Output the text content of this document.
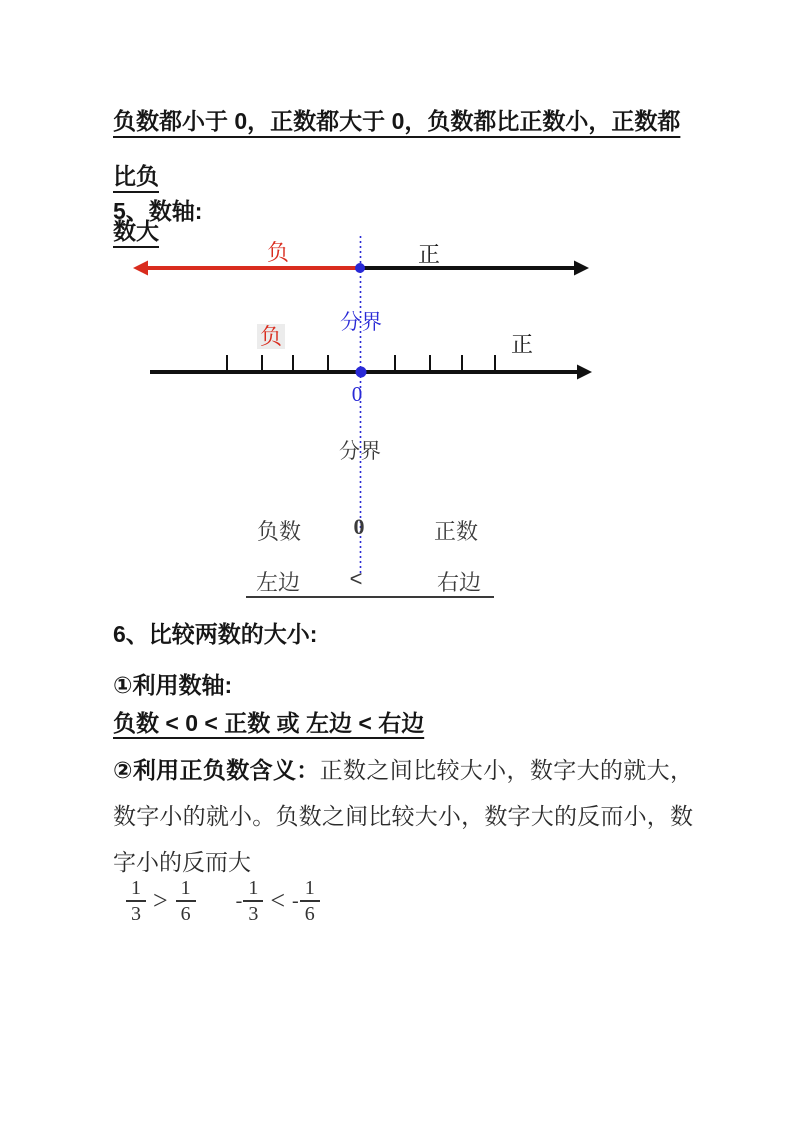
负数都小于 0，正数都大于 0，负数都比正数小，正数都比负
数大
5、数轴:
负	正
分界
负	正
0
分界
负数 0	正数
左边 <	右边
6、比较两数的大小:
①利用数轴:
负数 < 0 < 正数 或 左边 < 右边
②利用正负数含义：正数之间比较大小，数字大的就大，数字小的就小。负数之间比较大小，数字大的反而小，数字小的反而大
$\frac{1}{3} > \frac{1}{6} - \frac{1}{3}$ < - $\frac{1}{6}$
